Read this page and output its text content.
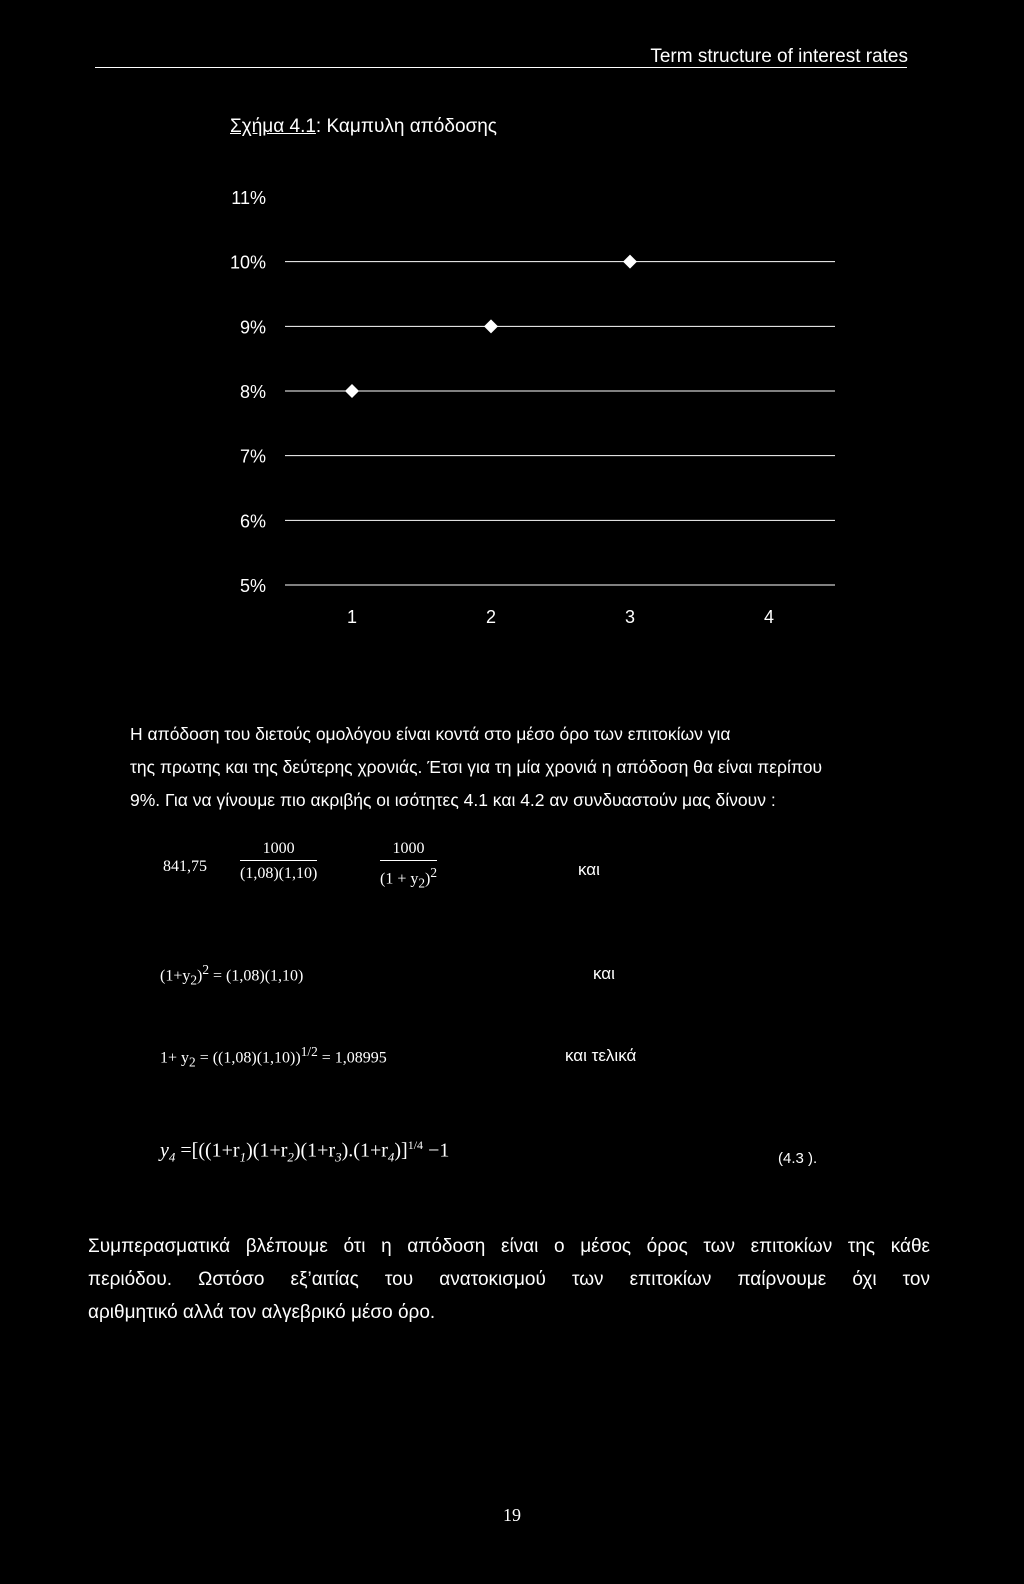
Term structure of interest rates
Σχήμα 4.1: Καμπυλη απόδοσης
11%
10%
9%
8%
7%
6%
5%
1	2	3	4
Η απόδοση του διετούς ομολόγου είναι κοντά στο μέσο όρο των επιτοκίων για
της πρωτης και της δεύτερης χρονιάς. Έτσι για τη μία χρονιά η απόδοση θα είναι περίπου
9%. Για να γίνουμε πιο ακριβής οι ισότητες 4.1 και 4.2 αν συνδυαστούν μας δίνουν :
$841,75 \frac{1000}{(1,08)(1,10)}$	$\frac{1000}{(1 + y_2)^2}$	και
$(1+y_2)^2 = (1,08)(1,10)$	και
$1+ y_2 = ((1,08)(1,10))^{1/2} = 1,08995$	και τελικά
$y_4 =[((1+r_1)(1+r_2)(1+r_3).(1+r_4)]^{1/4} -1$	(4.3 ).
Συμπερασματικά βλέπουμε ότι η απόδοση είναι ο μέσος όρος των επιτοκίων της κάθε
περιόδου. Ωστόσο εξ’αιτίας του ανατοκισμού των επιτοκίων παίρνουμε όχι τον
αριθμητικό αλλά τον αλγεβρικό μέσο όρο.
19
